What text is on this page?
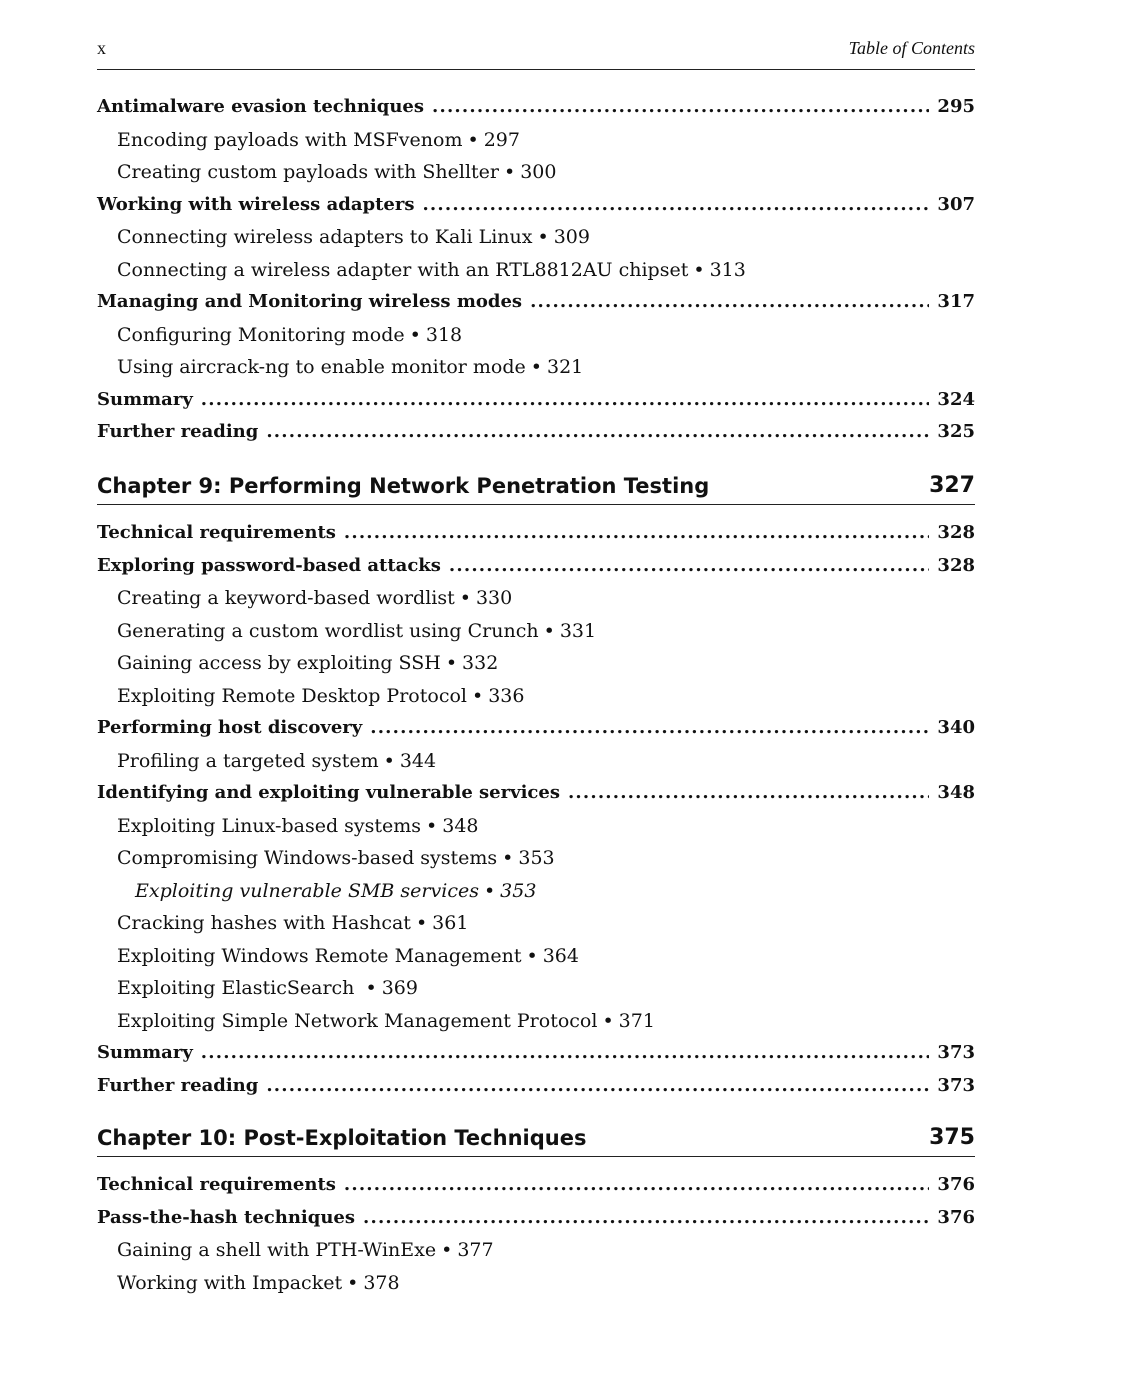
x	Table of Contents
Antimalware evasion techniques .....	295
Encoding payloads with MSFvenom • 297
Creating custom payloads with Shellter • 300
Working with wireless adapters .....	307
Connecting wireless adapters to Kali Linux • 309
Connecting a wireless adapter with an RTL8812AU chipset • 313
Managing and Monitoring wireless modes .....	317
Configuring Monitoring mode • 318
Using aircrack-ng to enable monitor mode • 321
Summary .....	324
Further reading .....	325
Chapter 9: Performing Network Penetration Testing	327
Technical requirements .....	328
Exploring password-based attacks .....	328
Creating a keyword-based wordlist • 330
Generating a custom wordlist using Crunch • 331
Gaining access by exploiting SSH • 332
Exploiting Remote Desktop Protocol • 336
Performing host discovery .....	340
Profiling a targeted system • 344
Identifying and exploiting vulnerable services .....	348
Exploiting Linux-based systems • 348
Compromising Windows-based systems • 353
Exploiting vulnerable SMB services • 353
Cracking hashes with Hashcat • 361
Exploiting Windows Remote Management • 364
Exploiting ElasticSearch • 369
Exploiting Simple Network Management Protocol • 371
Summary .....	373
Further reading .....	373
Chapter 10: Post-Exploitation Techniques	375
Technical requirements .....	376
Pass-the-hash techniques .....	376
Gaining a shell with PTH-WinExe • 377
Working with Impacket • 378
